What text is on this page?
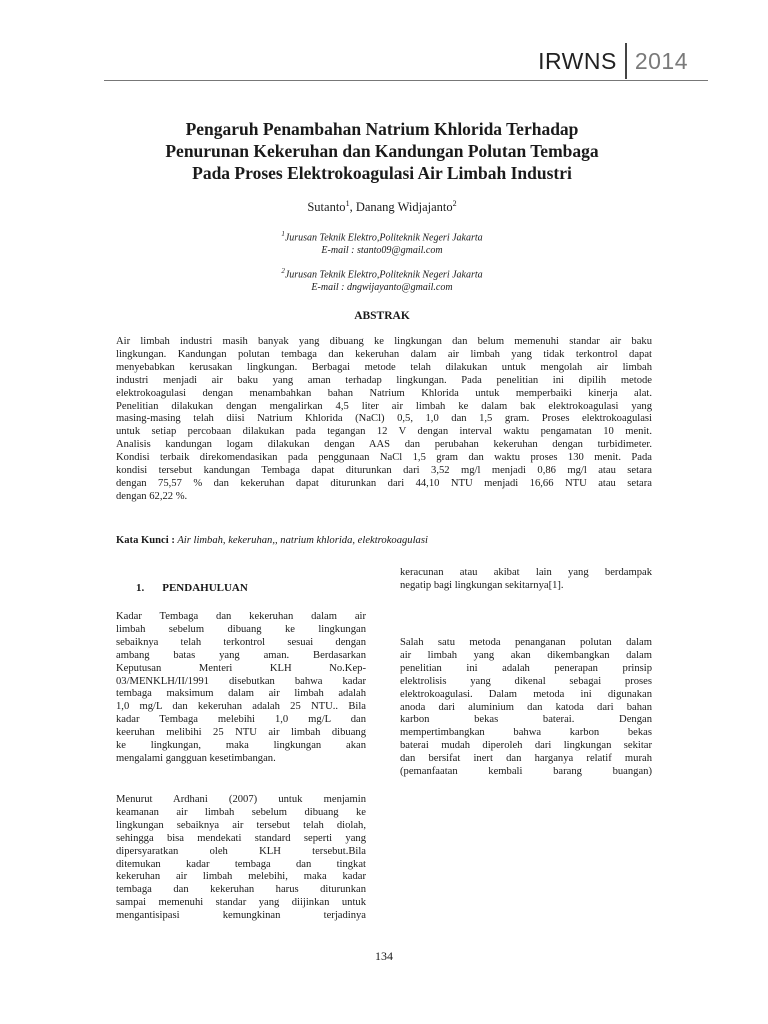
IRWNS 2014
Pengaruh Penambahan Natrium Khlorida Terhadap
Penurunan Kekeruhan dan Kandungan Polutan Tembaga
Pada Proses Elektrokoagulasi Air Limbah Industri
Sutanto$^1$, Danang Widjajanto$^2$
$^1$Jurusan Teknik Elektro,Politeknik Negeri Jakarta
E-mail : stanto09@gmail.com
$^2$Jurusan Teknik Elektro,Politeknik Negeri Jakarta
E-mail : dngwijayanto@gmail.com
ABSTRAK
Air limbah industri masih banyak yang dibuang ke lingkungan dan belum memenuhi standar air baku
lingkungan. Kandungan polutan tembaga dan kekeruhan dalam air limbah yang tidak terkontrol dapat
menyebabkan kerusakan lingkungan. Berbagai metode telah dilakukan untuk mengolah air limbah
industri menjadi air baku yang aman terhadap lingkungan. Pada penelitian ini dipilih metode
elektrokoagulasi dengan menambahkan bahan Natrium Khlorida untuk memperbaiki kinerja alat.
Penelitian dilakukan dengan mengalirkan 4,5 liter air limbah ke dalam bak elektrokoagulasi yang
masing-masing telah diisi Natrium Khlorida (NaCl) 0,5, 1,0 dan 1,5 gram. Proses elektrokoagulasi
untuk setiap percobaan dilakukan pada tegangan 12 V dengan interval waktu pengamatan 10 menit.
Analisis kandungan logam dilakukan dengan AAS dan perubahan kekeruhan dengan turbidimeter.
Kondisi terbaik direkomendasikan pada penggunaan NaCl 1,5 gram dan waktu proses 130 menit. Pada
kondisi tersebut kandungan Tembaga dapat diturunkan dari 3,52 mg/l menjadi 0,86 mg/l atau setara
dengan 75,57 % dan kekeruhan dapat diturunkan dari 44,10 NTU menjadi 16,66 NTU atau setara
dengan 62,22 %.
Kata Kunci : Air limbah, kekeruhan,, natrium khlorida, elektrokoagulasi
1. PENDAHULUAN
Kadar Tembaga dan kekeruhan dalam air
limbah sebelum dibuang ke lingkungan
sebaiknya telah terkontrol sesuai dengan
ambang batas yang aman. Berdasarkan
Keputusan Menteri KLH No.Kep-
03/MENKLH/II/1991 disebutkan bahwa kadar
tembaga maksimum dalam air limbah adalah
1,0 mg/L dan kekeruhan adalah 25 NTU.. Bila
kadar Tembaga melebihi 1,0 mg/L dan
keeruhan melibihi 25 NTU air limbah dibuang
ke lingkungan, maka lingkungan akan
mengalami gangguan kesetimbangan.
Menurut Ardhani (2007) untuk menjamin
keamanan air limbah sebelum dibuang ke
lingkungan sebaiknya air tersebut telah diolah,
sehingga bisa mendekati standard seperti yang
dipersyaratkan oleh KLH tersebut.Bila
ditemukan kadar tembaga dan tingkat
kekeruhan air limbah melebihi, maka kadar
tembaga dan kekeruhan harus diturunkan
sampai memenuhi standar yang diijinkan untuk
mengantisipasi kemungkinan terjadinya
keracunan atau akibat lain yang berdampak
negatip bagi lingkungan sekitarnya[1].
Salah satu metoda penanganan polutan dalam
air limbah yang akan dikembangkan dalam
penelitian ini adalah penerapan prinsip
elektrolisis yang dikenal sebagai proses
elektrokoagulasi. Dalam metoda ini digunakan
anoda dari aluminium dan katoda dari bahan
karbon bekas baterai. Dengan
mempertimbangkan bahwa karbon bekas
baterai mudah diperoleh dari lingkungan sekitar
dan bersifat inert dan harganya relatif murah
(pemanfaatan kembali barang buangan)
134
